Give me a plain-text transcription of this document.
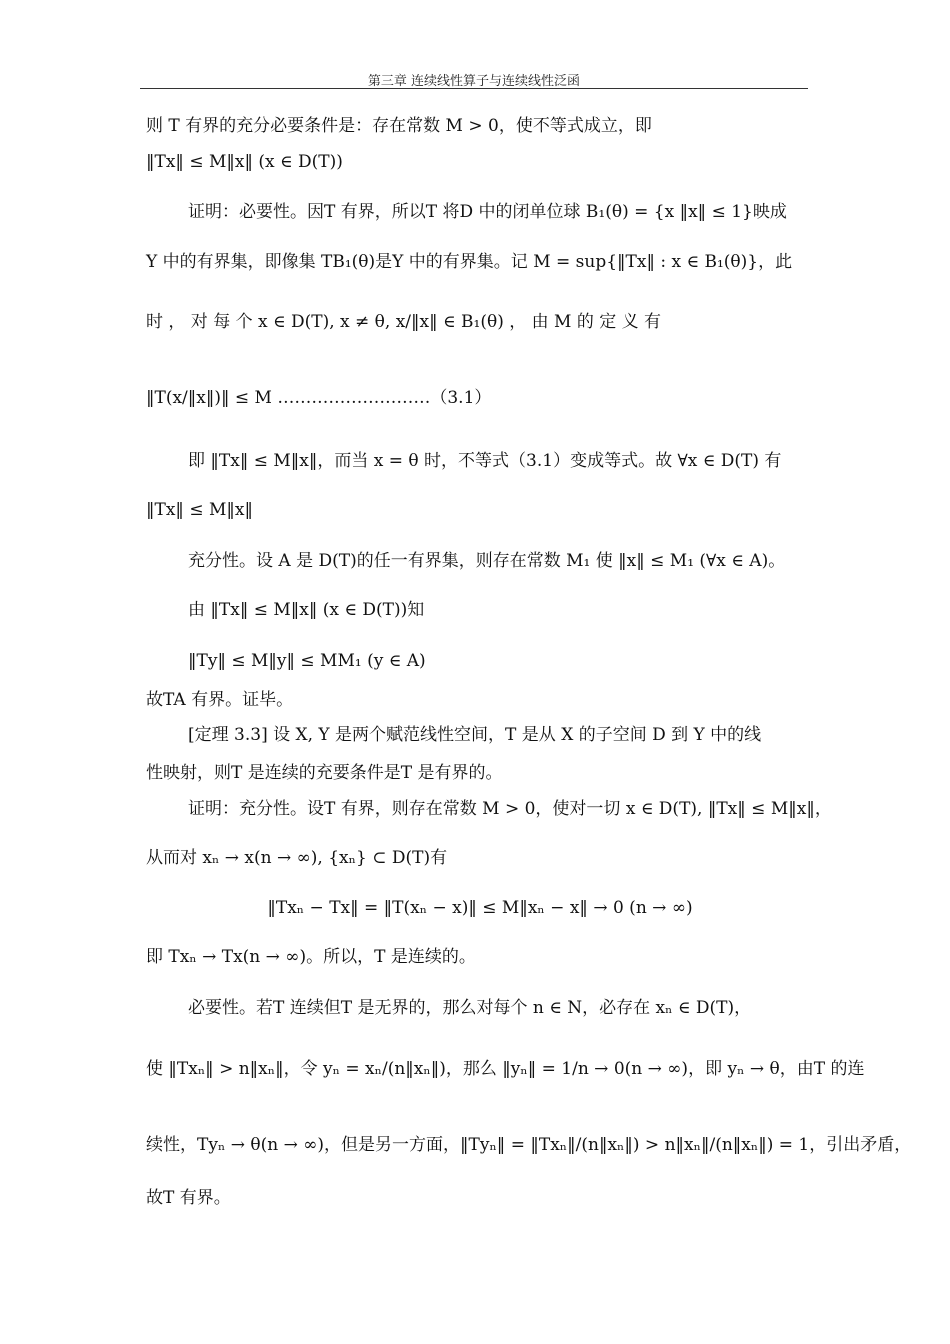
第三章 连续线性算子与连续线性泛函
则 T 有界的充分必要条件是：存在常数 M > 0，使不等式成立，即
‖Tx‖ ≤ M‖x‖ (x ∈ D(T))
证明：必要性。因T 有界，所以T 将D 中的闭单位球 B₁(θ) = {x ‖x‖ ≤ 1}映成
Y 中的有界集，即像集 TB₁(θ)是Y 中的有界集。记 M = sup{‖Tx‖ : x ∈ B₁(θ)}，此
时 ， 对 每 个 x ∈ D(T), x ≠ θ, x/‖x‖ ∈ B₁(θ) ， 由 M 的 定 义 有
‖T(x/‖x‖)‖ ≤ M ………………………（3.1）
即 ‖Tx‖ ≤ M‖x‖，而当 x = θ 时，不等式（3.1）变成等式。故 ∀x ∈ D(T) 有
‖Tx‖ ≤ M‖x‖
充分性。设 A 是 D(T)的任一有界集，则存在常数 M₁ 使 ‖x‖ ≤ M₁ (∀x ∈ A)。
由 ‖Tx‖ ≤ M‖x‖ (x ∈ D(T))知
‖Ty‖ ≤ M‖y‖ ≤ MM₁ (y ∈ A)
故TA 有界。证毕。
[定理 3.3] 设 X, Y 是两个赋范线性空间，T 是从 X 的子空间 D 到 Y 中的线
性映射，则T 是连续的充要条件是T 是有界的。
证明：充分性。设T 有界，则存在常数 M > 0，使对一切 x ∈ D(T), ‖Tx‖ ≤ M‖x‖，
从而对 xₙ → x(n → ∞), {xₙ} ⊂ D(T)有
‖Txₙ − Tx‖ = ‖T(xₙ − x)‖ ≤ M‖xₙ − x‖ → 0 (n → ∞)
即 Txₙ → Tx(n → ∞)。所以，T 是连续的。
必要性。若T 连续但T 是无界的，那么对每个 n ∈ N，必存在 xₙ ∈ D(T)，
使 ‖Txₙ‖ > n‖xₙ‖，令 yₙ = xₙ/(n‖xₙ‖)，那么 ‖yₙ‖ = 1/n → 0(n → ∞)，即 yₙ → θ，由T 的连
续性，Tyₙ → θ(n → ∞)，但是另一方面，‖Tyₙ‖ = ‖Txₙ‖/(n‖xₙ‖) > n‖xₙ‖/(n‖xₙ‖) = 1，引出矛盾，
故T 有界。
